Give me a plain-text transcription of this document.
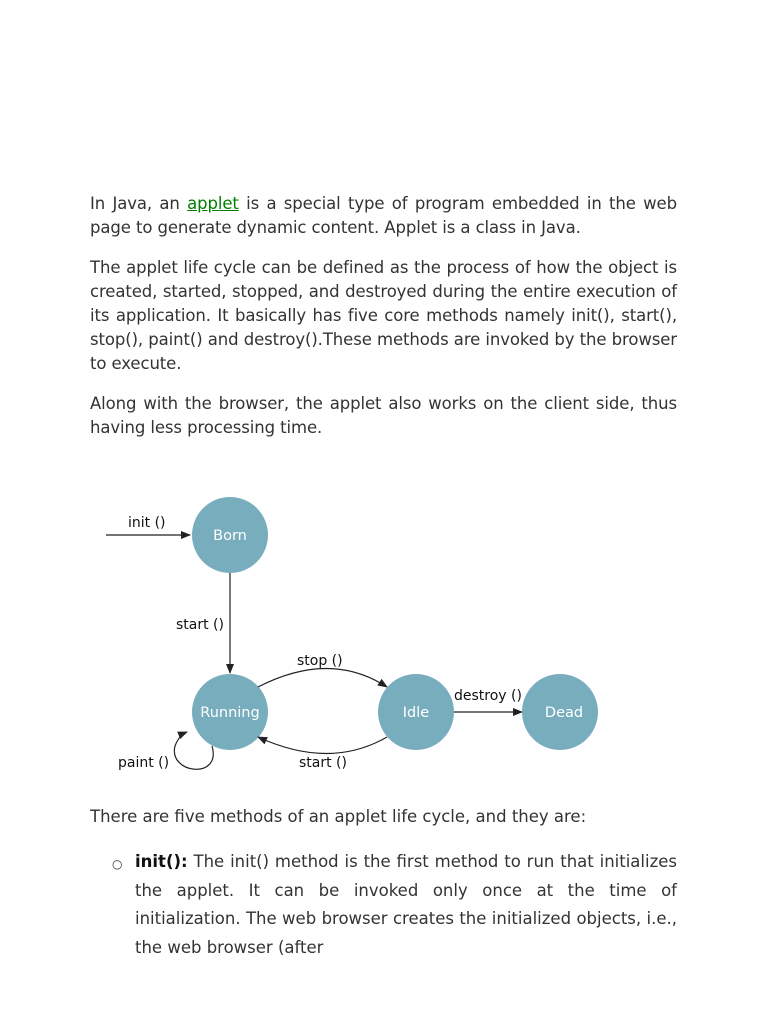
In Java, an applet is a special type of program embedded in the web page to generate dynamic content. Applet is a class in Java.

The applet life cycle can be defined as the process of how the object is created, started, stopped, and destroyed during the entire execution of its application. It basically has five core methods namely init(), start(), stop(), paint() and destroy().These methods are invoked by the browser to execute.

Along with the browser, the applet also works on the client side, thus having less processing time.

init ()
Born
start ()
Running
stop ()
start ()
Idle
destroy ()
Dead
paint ()

There are five methods of an applet life cycle, and they are:

○ init(): The init() method is the first method to run that initializes the applet. It can be invoked only once at the time of initialization. The web browser creates the initialized objects, i.e., the web browser (after
